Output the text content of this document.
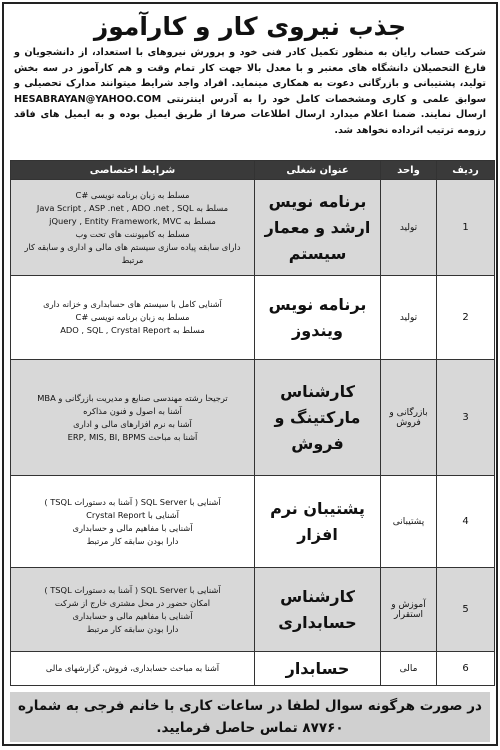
جذب نیروی کار و کارآموز
شرکت حساب رایان به منظور تکمیل کادر فنی خود و پرورش نیروهای با استعداد، از دانشجویان و فارغ التحصیلان دانشگاه های معتبر و با معدل بالا جهت کار تمام وقت و هم کارآموز در سه بخش تولید، پشتیبانی و بازرگانی دعوت به همکاری مینماید. افراد واجد شرایط میتوانند مدارک تحصیلی و سوابق علمی و کاری ومشخصات کامل خود را به آدرس اینترنتی HESABRAYAN@YAHOO.COM ارسال نمایند. ضمنا اعلام میدارد ارسال اطلاعات صرفا از طریق ایمیل بوده و به ایمیل های فاقد رزومه ترتیب اثرداده نخواهد شد.
ردیف	واحد	عنوان شغلی	شرایط اختصاصی
1	تولید	برنامه نویس ارشد و معمار سیستم	مسلط به زبان برنامه نویسی #C
مسلط به Java Script , ASP .net , ADO .net , SQL
مسلط به jQuery , Entity Framework, MVC
مسلط به کامپوننت های تحت وب
دارای سابقه پیاده سازی سیستم های مالی و اداری و سابقه کار مرتبط

2	تولید	برنامه نویس ویندوز	آشنایی کامل با سیستم های حسابداری و خزانه داری
مسلط به زبان برنامه نویسی #C
مسلط به ADO , SQL , Crystal Report

3	بازرگانی و فروش	کارشناس مارکتینگ و فروش	ترجیحا رشته مهندسی صنایع و مدیریت بازرگانی و MBA
آشنا به اصول و فنون مذاکره
آشنا به نرم افزارهای مالی و اداری
آشنا به مباحث ERP, MIS, BI, BPMS

4	پشتیبانی	پشتیبان نرم افزار	آشنایی با SQL Server ( آشنا به دستورات TSQL )
آشنایی با Crystal Report
آشنایی با مفاهیم مالی و حسابداری
دارا بودن سابقه کار مرتبط

5	آموزش و استقرار	کارشناس حسابداری	آشنایی با SQL Server ( آشنا به دستورات TSQL )
امکان حضور در محل مشتری خارج از شرکت
آشنایی با مفاهیم مالی و حسابداری
دارا بودن سابقه کار مرتبط

6	مالی	حسابدار	آشنا به مباحث حسابداری، فروش، گزارشهای مالی
در صورت هرگونه سوال لطفا در ساعات کاری با خانم فرجی به شماره ۸۷۷۶۰ تماس حاصل فرمایید.
